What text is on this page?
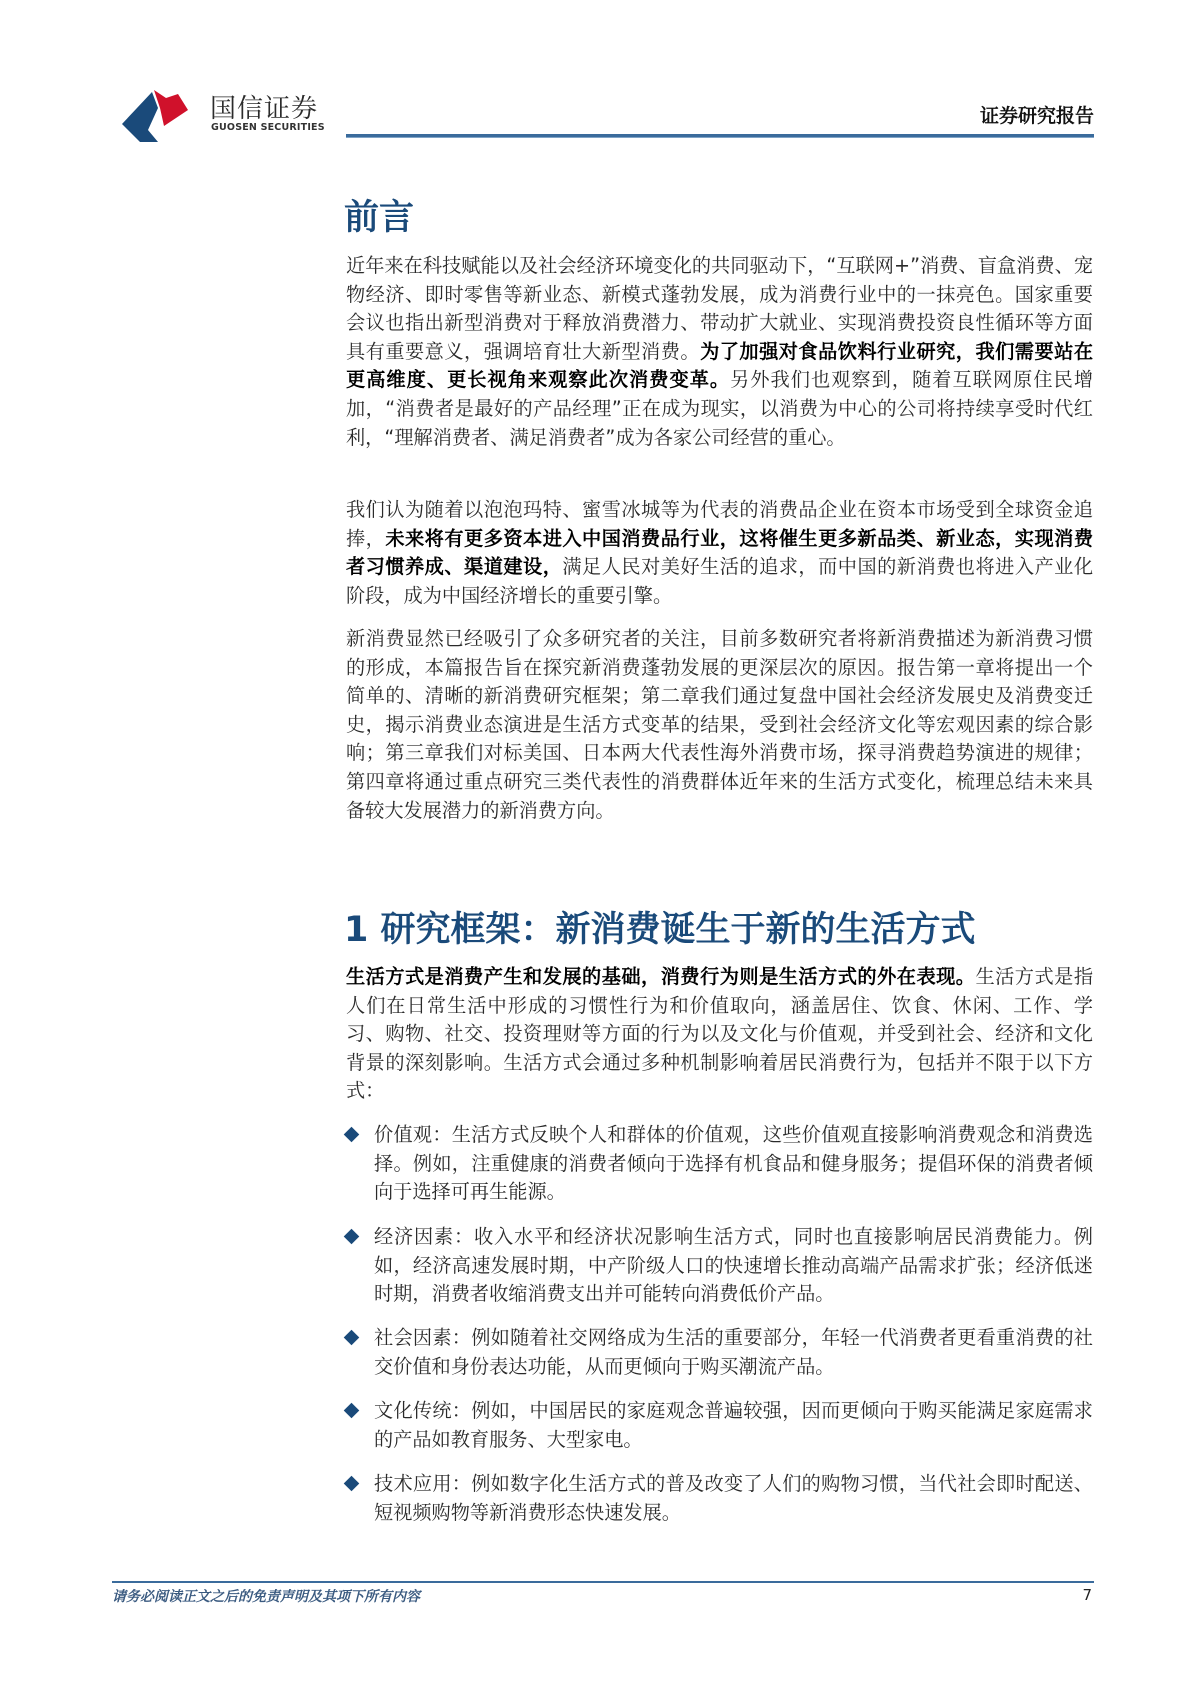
国信证券
GUOSEN SECURITIES
证券研究报告
前言
近年来在科技赋能以及社会经济环境变化的共同驱动下，“互联网+”消费、盲盒消费、宠物经济、即时零售等新业态、新模式蓬勃发展，成为消费行业中的一抹亮色。国家重要会议也指出新型消费对于释放消费潜力、带动扩大就业、实现消费投资良性循环等方面具有重要意义，强调培育壮大新型消费。为了加强对食品饮料行业研究，我们需要站在更高维度、更长视角来观察此次消费变革。另外我们也观察到，随着互联网原住民增加，“消费者是最好的产品经理”正在成为现实，以消费为中心的公司将持续享受时代红利，“理解消费者、满足消费者”成为各家公司经营的重心。
我们认为随着以泡泡玛特、蜜雪冰城等为代表的消费品企业在资本市场受到全球资金追捧，未来将有更多资本进入中国消费品行业，这将催生更多新品类、新业态，实现消费者习惯养成、渠道建设，满足人民对美好生活的追求，而中国的新消费也将进入产业化阶段，成为中国经济增长的重要引擎。
新消费显然已经吸引了众多研究者的关注，目前多数研究者将新消费描述为新消费习惯的形成，本篇报告旨在探究新消费蓬勃发展的更深层次的原因。报告第一章将提出一个简单的、清晰的新消费研究框架；第二章我们通过复盘中国社会经济发展史及消费变迁史，揭示消费业态演进是生活方式变革的结果，受到社会经济文化等宏观因素的综合影响；第三章我们对标美国、日本两大代表性海外消费市场，探寻消费趋势演进的规律；第四章将通过重点研究三类代表性的消费群体近年来的生活方式变化，梳理总结未来具备较大发展潜力的新消费方向。
1 研究框架：新消费诞生于新的生活方式
生活方式是消费产生和发展的基础，消费行为则是生活方式的外在表现。生活方式是指人们在日常生活中形成的习惯性行为和价值取向，涵盖居住、饮食、休闲、工作、学习、购物、社交、投资理财等方面的行为以及文化与价值观，并受到社会、经济和文化背景的深刻影响。生活方式会通过多种机制影响着居民消费行为，包括并不限于以下方式：
价值观：生活方式反映个人和群体的价值观，这些价值观直接影响消费观念和消费选择。例如，注重健康的消费者倾向于选择有机食品和健身服务；提倡环保的消费者倾向于选择可再生能源。
经济因素：收入水平和经济状况影响生活方式，同时也直接影响居民消费能力。例如，经济高速发展时期，中产阶级人口的快速增长推动高端产品需求扩张；经济低迷时期，消费者收缩消费支出并可能转向消费低价产品。
社会因素：例如随着社交网络成为生活的重要部分，年轻一代消费者更看重消费的社交价值和身份表达功能，从而更倾向于购买潮流产品。
文化传统：例如，中国居民的家庭观念普遍较强，因而更倾向于购买能满足家庭需求的产品如教育服务、大型家电。
技术应用：例如数字化生活方式的普及改变了人们的购物习惯，当代社会即时配送、短视频购物等新消费形态快速发展。
请务必阅读正文之后的免责声明及其项下所有内容	7
